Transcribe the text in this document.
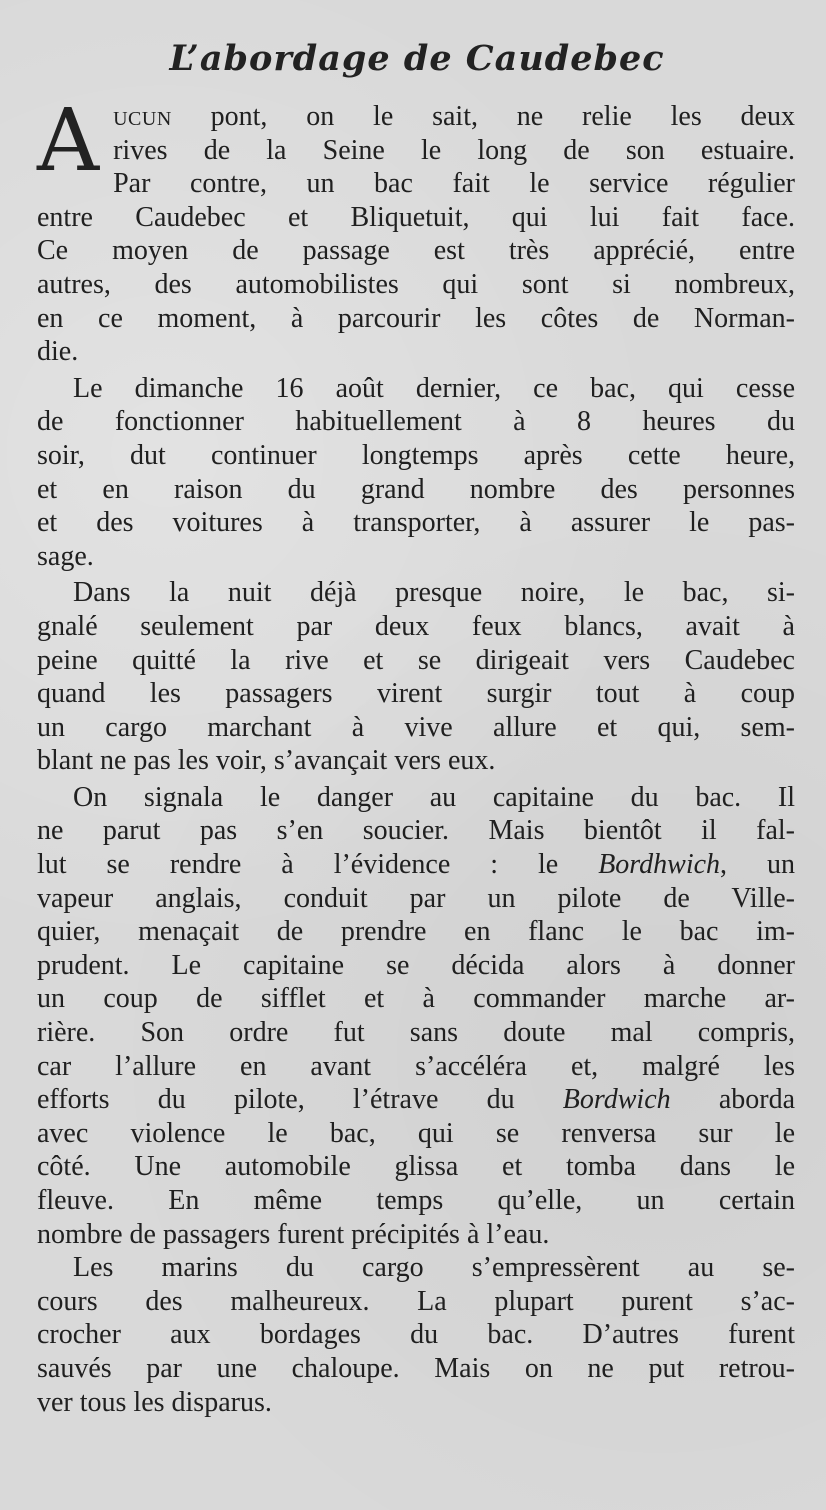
L’abordage de Caudebec

A ucun pont, on le sait, ne relie les deux
rives de la Seine le long de son estuaire.
Par contre, un bac fait le service régulier
entre Caudebec et Bliquetuit, qui lui fait face.
Ce moyen de passage est très apprécié, entre
autres, des automobilistes qui sont si nombreux,
en ce moment, à parcourir les côtes de Norman-
die.

Le dimanche 16 août dernier, ce bac, qui cesse
de fonctionner habituellement à 8 heures du
soir, dut continuer longtemps après cette heure,
et en raison du grand nombre des personnes
et des voitures à transporter, à assurer le pas-
sage.

Dans la nuit déjà presque noire, le bac, si-
gnalé seulement par deux feux blancs, avait à
peine quitté la rive et se dirigeait vers Caudebec
quand les passagers virent surgir tout à coup
un cargo marchant à vive allure et qui, sem-
blant ne pas les voir, s’avançait vers eux.

On signala le danger au capitaine du bac. Il
ne parut pas s’en soucier. Mais bientôt il fal-
lut se rendre à l’évidence : le Bordhwich, un
vapeur anglais, conduit par un pilote de Ville-
quier, menaçait de prendre en flanc le bac im-
prudent. Le capitaine se décida alors à donner
un coup de sifflet et à commander marche ar-
rière. Son ordre fut sans doute mal compris,
car l’allure en avant s’accéléra et, malgré les
efforts du pilote, l’étrave du Bordwich aborda
avec violence le bac, qui se renversa sur le
côté. Une automobile glissa et tomba dans le
fleuve. En même temps qu’elle, un certain
nombre de passagers furent précipités à l’eau.

Les marins du cargo s’empressèrent au se-
cours des malheureux. La plupart purent s’ac-
crocher aux bordages du bac. D’autres furent
sauvés par une chaloupe. Mais on ne put retrou-
ver tous les disparus.
